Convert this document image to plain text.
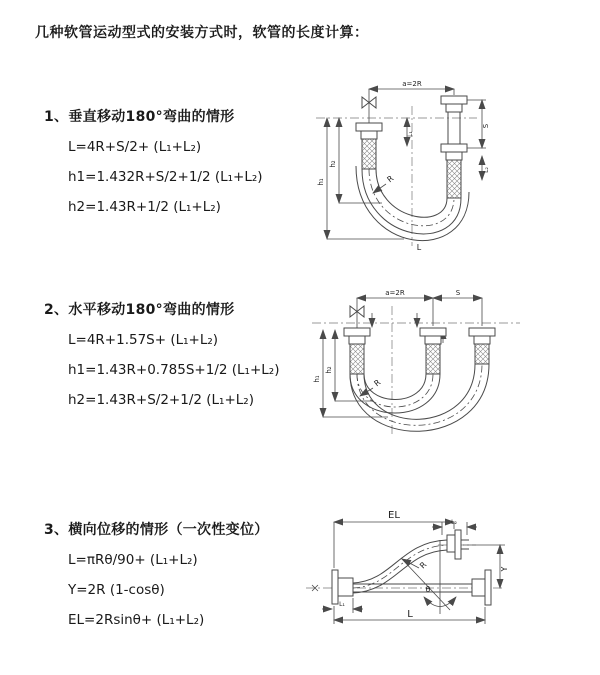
几种软管运动型式的安装方式时，软管的长度计算：

1、垂直移动180°弯曲的情形

L=4R+S/2+ (L₁+L₂)

h1=1.432R+S/2+1/2 (L₁+L₂)

h2=1.43R+1/2 (L₁+L₂)

2、水平移动180°弯曲的情形

L=4R+1.57S+ (L₁+L₂)

h1=1.43R+0.785S+1/2 (L₁+L₂)

h2=1.43R+S/2+1/2 (L₁+L₂)

3、横向位移的情形（一次性变位）

L=πRθ/90+ (L₁+L₂)

Y=2R (1-cosθ)

EL=2Rsinθ+ (L₁+L₂)

a=2R
h₁
h₂
L₁
S
L₂
R
L
a=2R	S
h₁
h₂
R
EL
L₂
Y
θ
R
L
L₁
